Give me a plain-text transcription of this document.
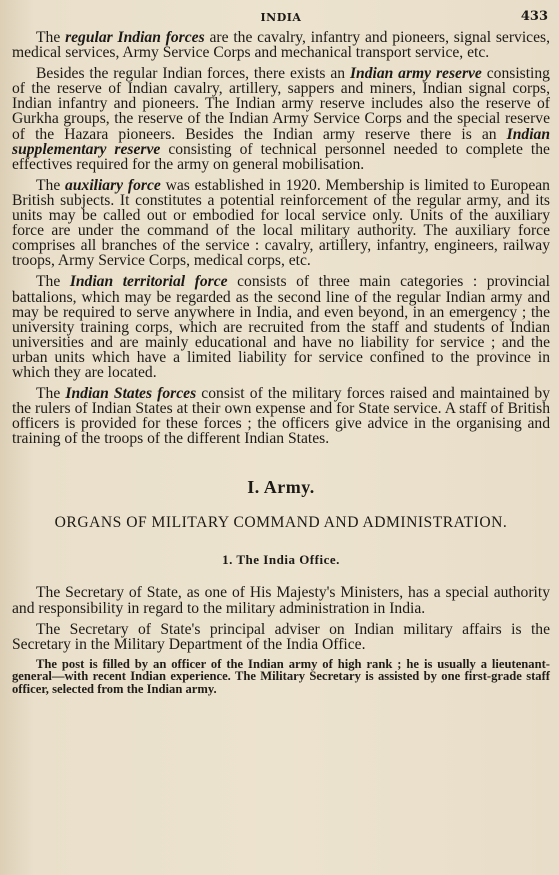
INDIA	433

The regular Indian forces are the cavalry, infantry and pioneers, signal services, medical services, Army Service Corps and mechanical transport service, etc.

Besides the regular Indian forces, there exists an Indian army reserve consisting of the reserve of Indian cavalry, artillery, sappers and miners, Indian signal corps, Indian infantry and pioneers. The Indian army reserve includes also the reserve of Gurkha groups, the reserve of the Indian Army Service Corps and the special reserve of the Hazara pioneers. Besides the Indian army reserve there is an Indian supplementary reserve consisting of technical personnel needed to complete the effectives required for the army on general mobilisation.

The auxiliary force was established in 1920. Membership is limited to European British subjects. It constitutes a potential reinforcement of the regular army, and its units may be called out or embodied for local service only. Units of the auxiliary force are under the command of the local military authority. The auxiliary force comprises all branches of the service : cavalry, artillery, infantry, engineers, railway troops, Army Service Corps, medical corps, etc.

The Indian territorial force consists of three main categories : provincial battalions, which may be regarded as the second line of the regular Indian army and may be required to serve anywhere in India, and even beyond, in an emergency ; the university training corps, which are recruited from the staff and students of Indian universities and are mainly educational and have no liability for service ; and the urban units which have a limited liability for service confined to the province in which they are located.

The Indian States forces consist of the military forces raised and maintained by the rulers of Indian States at their own expense and for State service. A staff of British officers is provided for these forces ; the officers give advice in the organising and training of the troops of the different Indian States.

I. Army.
ORGANS OF MILITARY COMMAND AND ADMINISTRATION.
1. The India Office.

The Secretary of State, as one of His Majesty's Ministers, has a special authority and responsibility in regard to the military administration in India.

The Secretary of State's principal adviser on Indian military affairs is the Secretary in the Military Department of the India Office.

The post is filled by an officer of the Indian army of high rank ; he is usually a lieutenant-general—with recent Indian experience. The Military Secretary is assisted by one first-grade staff officer, selected from the Indian army.
